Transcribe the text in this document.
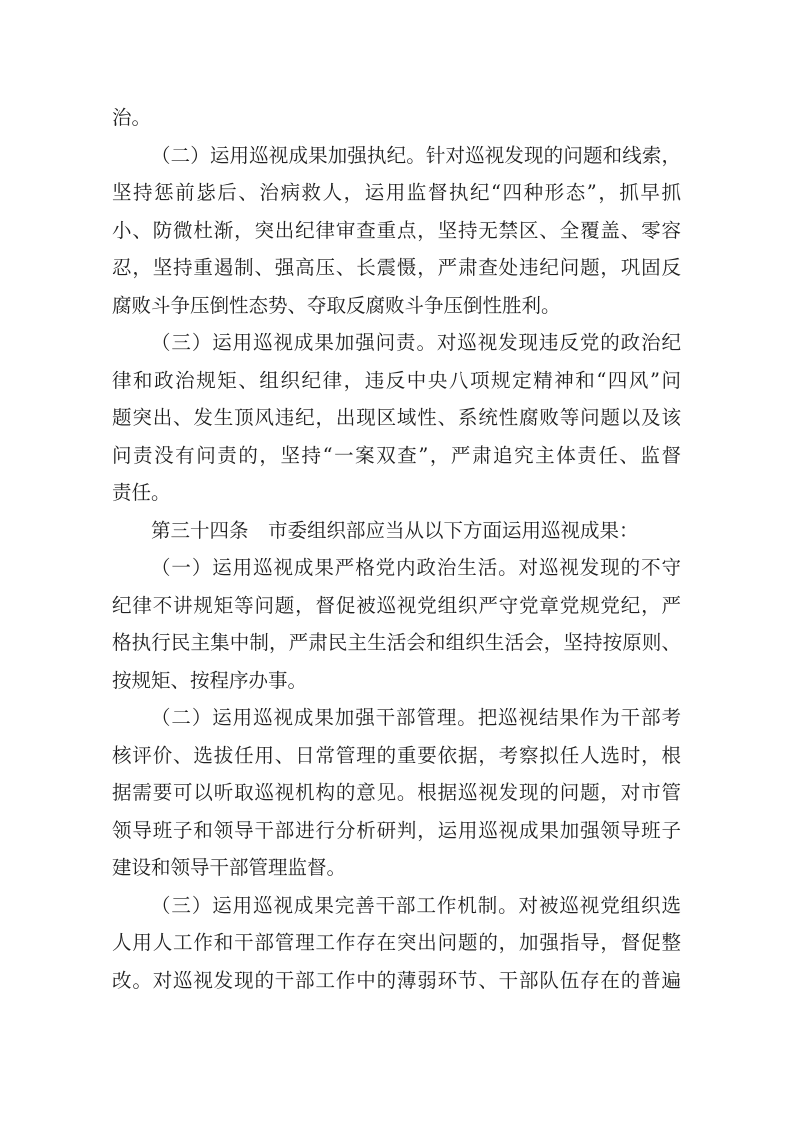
治。
（二）运用巡视成果加强执纪。针对巡视发现的问题和线索，
坚持惩前毖后、治病救人，运用监督执纪“四种形态”，抓早抓
小、防微杜渐，突出纪律审查重点，坚持无禁区、全覆盖、零容
忍，坚持重遏制、强高压、长震慑，严肃查处违纪问题，巩固反
腐败斗争压倒性态势、夺取反腐败斗争压倒性胜利。
（三）运用巡视成果加强问责。对巡视发现违反党的政治纪
律和政治规矩、组织纪律，违反中央八项规定精神和“四风”问
题突出、发生顶风违纪，出现区域性、系统性腐败等问题以及该
问责没有问责的，坚持“一案双查”，严肃追究主体责任、监督
责任。
第三十四条　市委组织部应当从以下方面运用巡视成果：
（一）运用巡视成果严格党内政治生活。对巡视发现的不守
纪律不讲规矩等问题，督促被巡视党组织严守党章党规党纪，严
格执行民主集中制，严肃民主生活会和组织生活会，坚持按原则、
按规矩、按程序办事。
（二）运用巡视成果加强干部管理。把巡视结果作为干部考
核评价、选拔任用、日常管理的重要依据，考察拟任人选时，根
据需要可以听取巡视机构的意见。根据巡视发现的问题，对市管
领导班子和领导干部进行分析研判，运用巡视成果加强领导班子
建设和领导干部管理监督。
（三）运用巡视成果完善干部工作机制。对被巡视党组织选
人用人工作和干部管理工作存在突出问题的，加强指导，督促整
改。对巡视发现的干部工作中的薄弱环节、干部队伍存在的普遍
